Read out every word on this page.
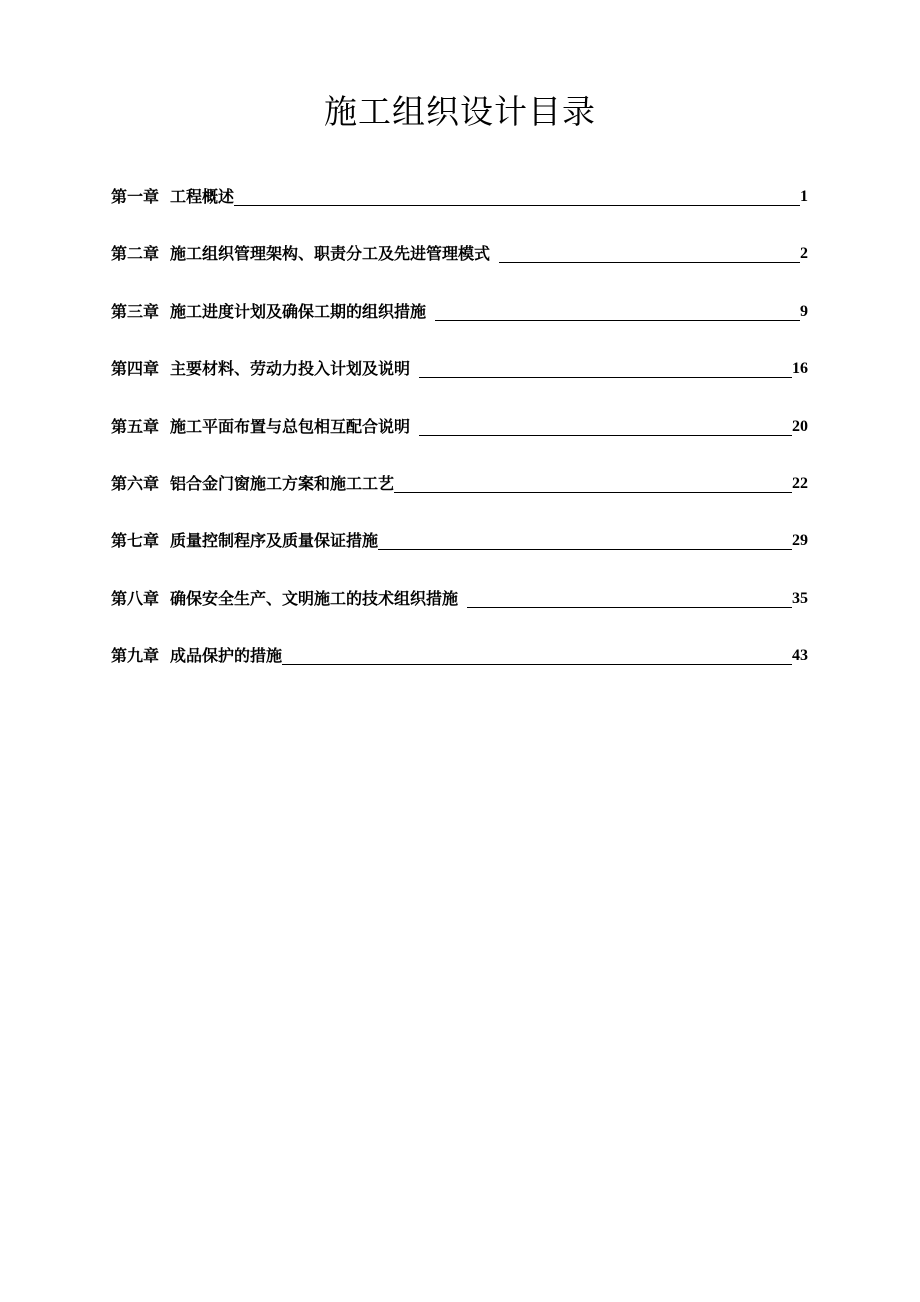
施工组织设计目录
第一章 工程概述	1
第二章 施工组织管理架构、职责分工及先进管理模式	2
第三章 施工进度计划及确保工期的组织措施	9
第四章 主要材料、劳动力投入计划及说明	16
第五章 施工平面布置与总包相互配合说明	20
第六章 铝合金门窗施工方案和施工工艺	22
第七章 质量控制程序及质量保证措施	29
第八章 确保安全生产、文明施工的技术组织措施	35
第九章 成品保护的措施	43
